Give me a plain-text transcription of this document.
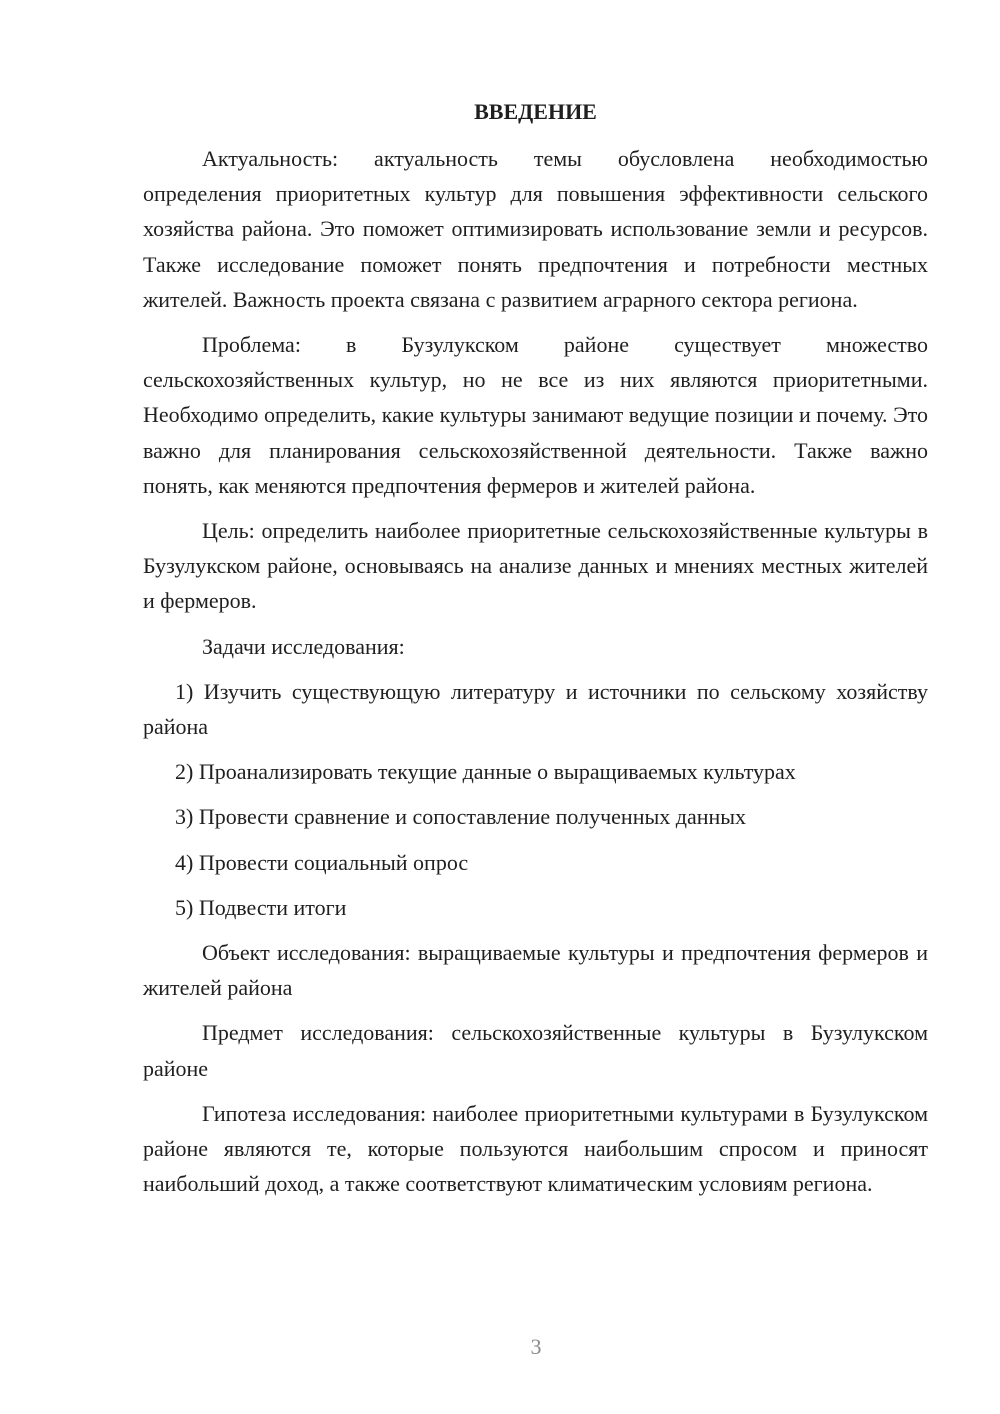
ВВЕДЕНИЕ

Актуальность: актуальность темы обусловлена необходимостью определения приоритетных культур для повышения эффективности сельского хозяйства района. Это поможет оптимизировать использование земли и ресурсов. Также исследование поможет понять предпочтения и потребности местных жителей. Важность проекта связана с развитием аграрного сектора региона.

Проблема: в Бузулукском районе существует множество сельскохозяйственных культур, но не все из них являются приоритетными. Необходимо определить, какие культуры занимают ведущие позиции и почему. Это важно для планирования сельскохозяйственной деятельности. Также важно понять, как меняются предпочтения фермеров и жителей района.

Цель: определить наиболее приоритетные сельскохозяйственные культуры в Бузулукском районе, основываясь на анализе данных и мнениях местных жителей и фермеров.

Задачи исследования:

1) Изучить существующую литературу и источники по сельскому хозяйству района

2) Проанализировать текущие данные о выращиваемых культурах

3) Провести сравнение и сопоставление полученных данных

4) Провести социальный опрос

5) Подвести итоги

Объект исследования: выращиваемые культуры и предпочтения фермеров и жителей района

Предмет исследования: сельскохозяйственные культуры в Бузулукском районе

Гипотеза исследования: наиболее приоритетными культурами в Бузулукском районе являются те, которые пользуются наибольшим спросом и приносят наибольший доход, а также соответствуют климатическим условиям региона.

3
